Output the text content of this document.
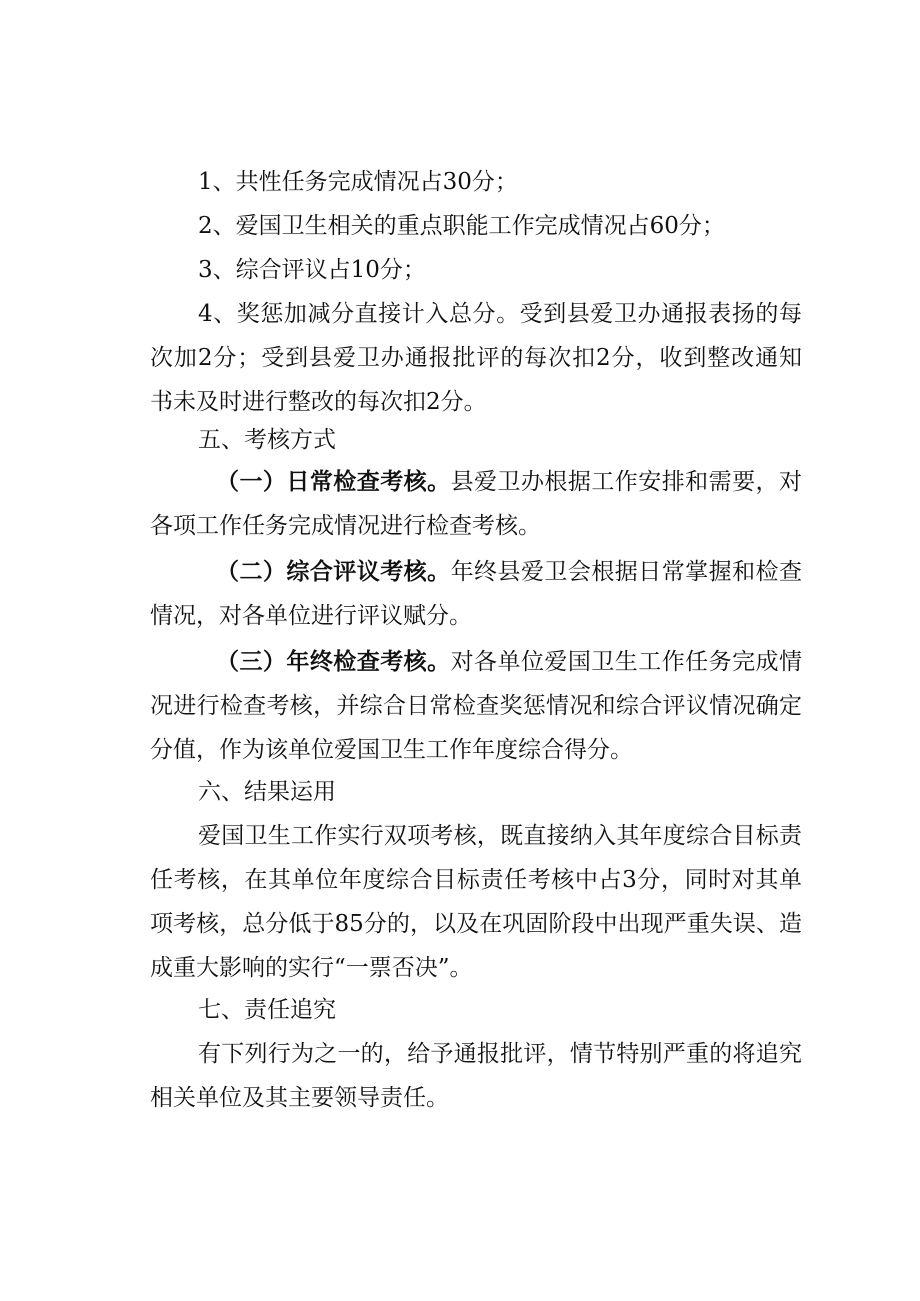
1、共性任务完成情况占30分；
2、爱国卫生相关的重点职能工作完成情况占60分；
3、综合评议占10分；
4、奖惩加减分直接计入总分。受到县爱卫办通报表扬的每
次加2分；受到县爱卫办通报批评的每次扣2分，收到整改通知
书未及时进行整改的每次扣2分。
五、考核方式
（一）日常检查考核。县爱卫办根据工作安排和需要，对
各项工作任务完成情况进行检查考核。
（二）综合评议考核。年终县爱卫会根据日常掌握和检查
情况，对各单位进行评议赋分。
（三）年终检查考核。对各单位爱国卫生工作任务完成情
况进行检查考核，并综合日常检查奖惩情况和综合评议情况确定
分值，作为该单位爱国卫生工作年度综合得分。
六、结果运用
爱国卫生工作实行双项考核，既直接纳入其年度综合目标责
任考核，在其单位年度综合目标责任考核中占3分，同时对其单
项考核，总分低于85分的，以及在巩固阶段中出现严重失误、造
成重大影响的实行“一票否决”。
七、责任追究
有下列行为之一的，给予通报批评，情节特别严重的将追究
相关单位及其主要领导责任。
